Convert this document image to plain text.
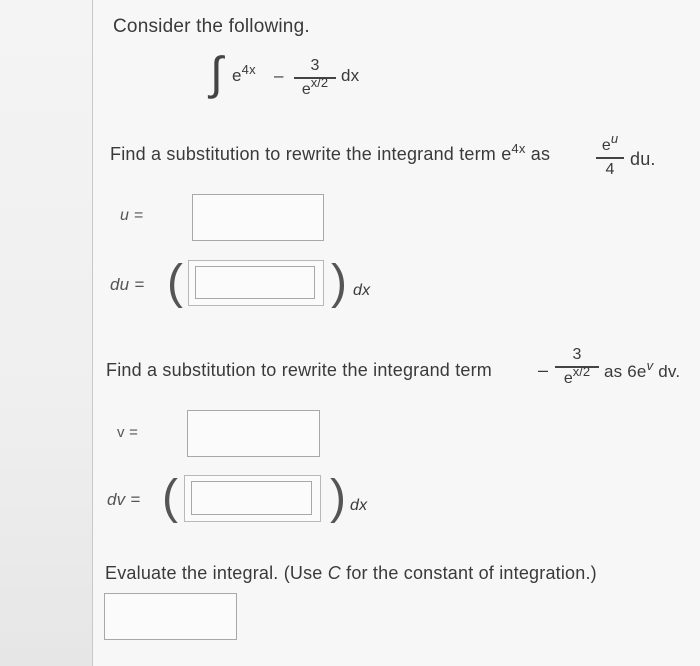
Consider the following.
∫ $e^{4x}$ –
3
$e^{x/2}$ dx
Find a substitution to rewrite the integrand term $e^{4x}$ as	$e^u$
4 du.
u =
du = (	) dx
Find a substitution to rewrite the integrand term	–
3
$e^{x/2}$ as $6e^v$ dv.
v =
dv = (	) dx
Evaluate the integral. (Use C for the constant of integration.)
